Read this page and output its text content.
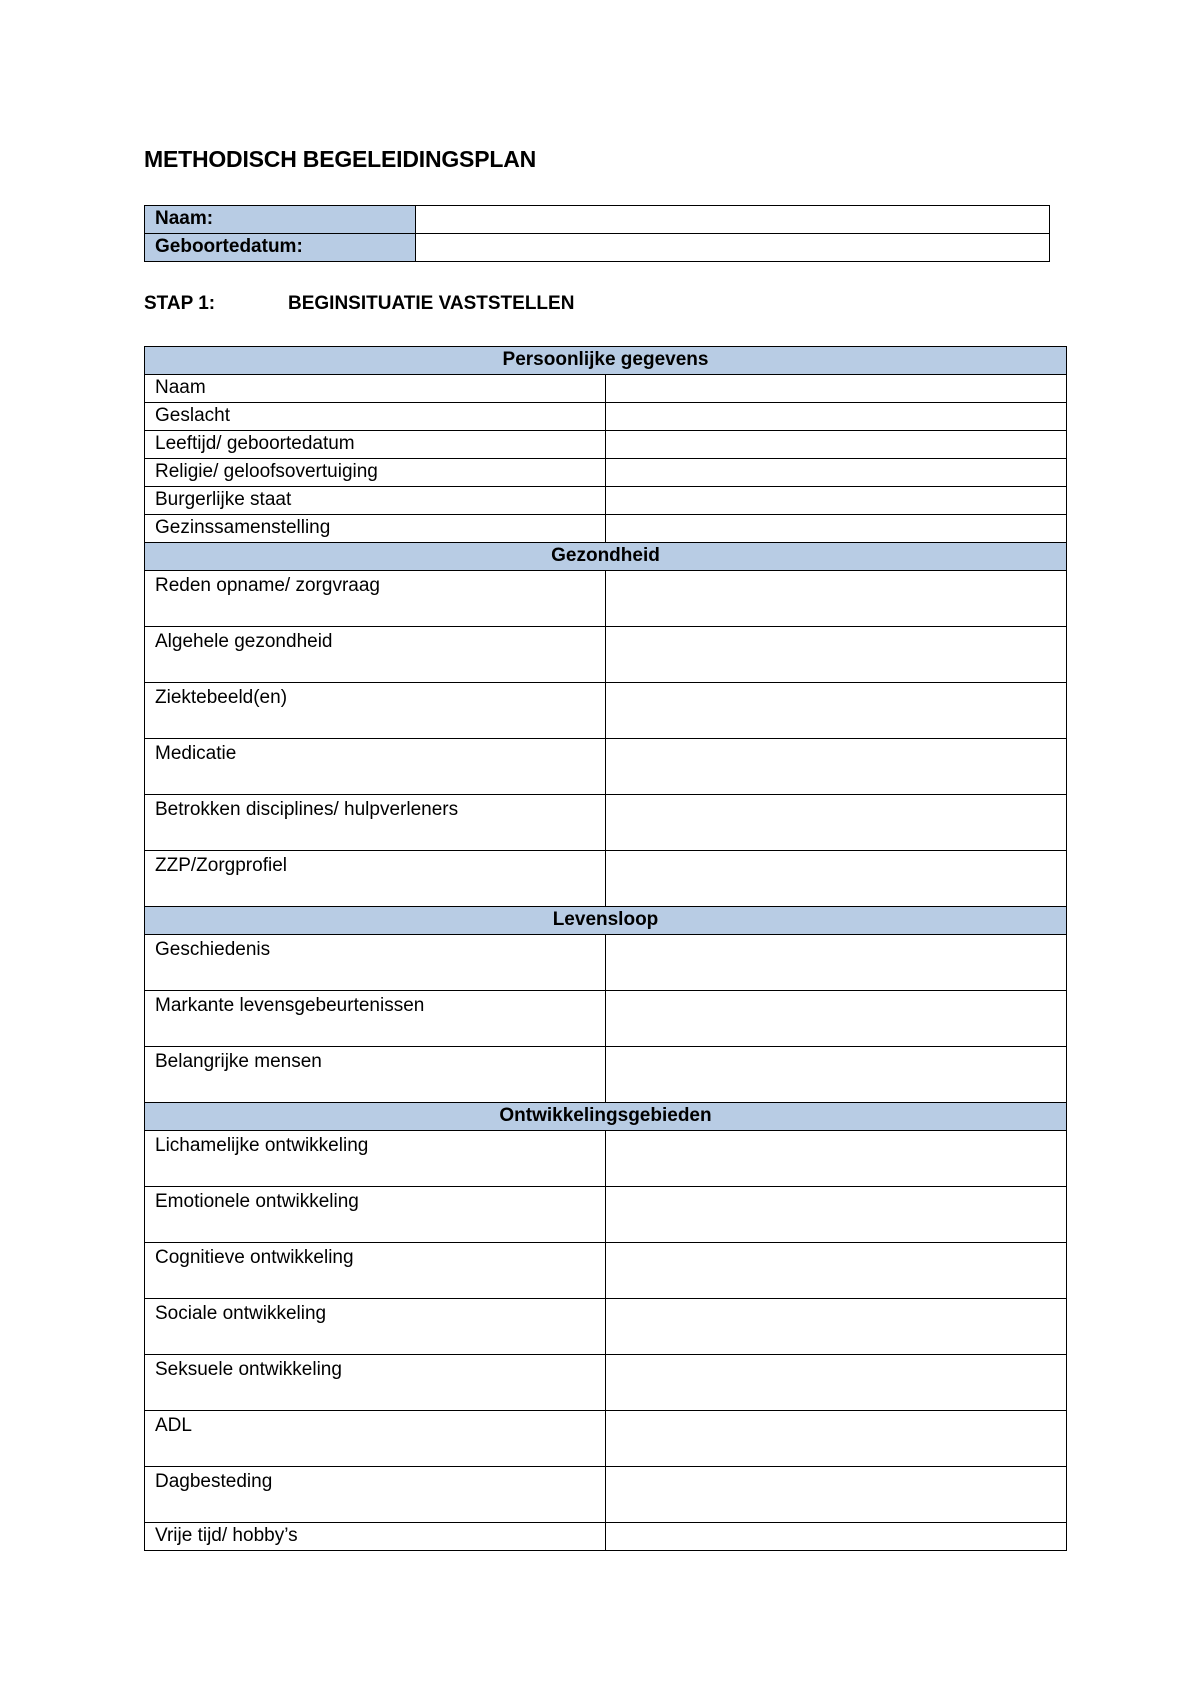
METHODISCH BEGELEIDINGSPLAN
Naam:	
Geboortedatum:	
STAP 1:	BEGINSITUATIE VASTSTELLEN
Persoonlijke gegevens	
Naam	
Geslacht	
Leeftijd/ geboortedatum	
Religie/ geloofsovertuiging	
Burgerlijke staat	
Gezinssamenstelling	
Gezondheid	
Reden opname/ zorgvraag	
Algehele gezondheid	
Ziektebeeld(en)	
Medicatie	
Betrokken disciplines/ hulpverleners	
ZZP/Zorgprofiel	
Levensloop	
Geschiedenis	
Markante levensgebeurtenissen	
Belangrijke mensen	
Ontwikkelingsgebieden	
Lichamelijke ontwikkeling	
Emotionele ontwikkeling	
Cognitieve ontwikkeling	
Sociale ontwikkeling	
Seksuele ontwikkeling	
ADL	
Dagbesteding	
Vrije tijd/ hobby’s	
